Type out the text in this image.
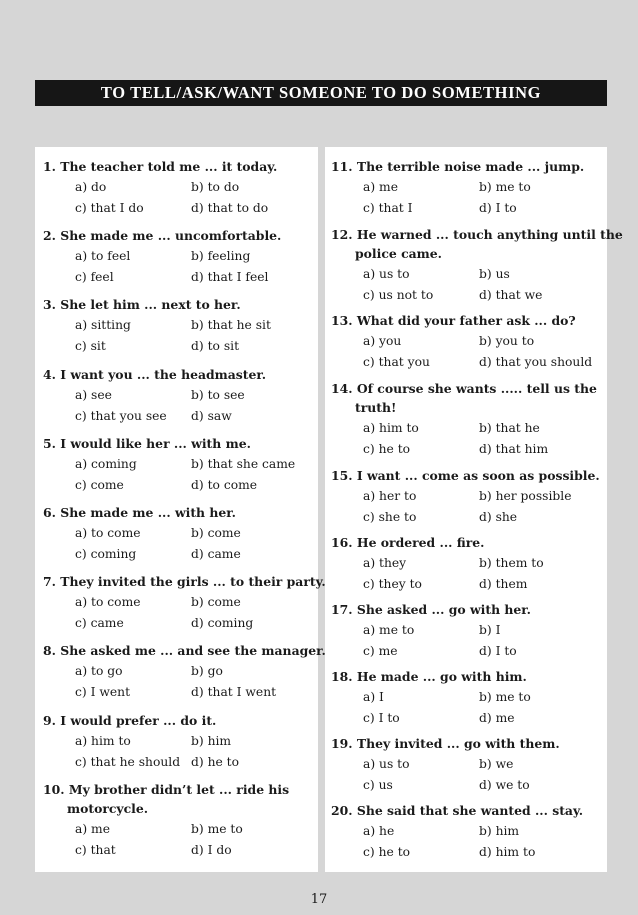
TO TELL/ASK/WANT SOMEONE TO DO SOMETHING
17
1. The teacher told me ... it today.
a) do	b) to do
c) that I do	d) that to do
2. She made me ... uncomfortable.
a) to feel	b) feeling
c) feel	d) that I feel
3. She let him ... next to her.
a) sitting	b) that he sit
c) sit	d) to sit
4. I want you ... the headmaster.
a) see	b) to see
c) that you see	d) saw
5. I would like her ... with me.
a) coming	b) that she came
c) come	d) to come
6. She made me ... with her.
a) to come	b) come
c) coming	d) came
7. They invited the girls ... to their party.
a) to come	b) come
c) came	d) coming
8. She asked me ... and see the manager.
a) to go	b) go
c) I went	d) that I went
9. I would prefer ... do it.
a) him to	b) him
c) that he should d) he to
10. My brother didn’t let ... ride his
motorcycle.
a) me	b) me to
c) that	d) I do
11. The terrible noise made ... jump.
a) me	b) me to
c) that I	d) I to
12. He warned ... touch anything until the
police came.
a) us to	b) us
c) us not to	d) that we
13. What did your father ask ... do?
a) you	b) you to
c) that you	d) that you should
14. Of course she wants ..... tell us the
truth!
a) him to	b) that he
c) he to	d) that him
15. I want ... come as soon as possible.
a) her to	b) her possible
c) she to	d) she
16. He ordered ... fire.
a) they	b) them to
c) they to	d) them
17. She asked ... go with her.
a) me to	b) I
c) me	d) I to
18. He made ... go with him.
a) I	b) me to
c) I to	d) me
19. They invited ... go with them.
a) us to	b) we
c) us	d) we to
20. She said that she wanted ... stay.
a) he	b) him
c) he to	d) him to
